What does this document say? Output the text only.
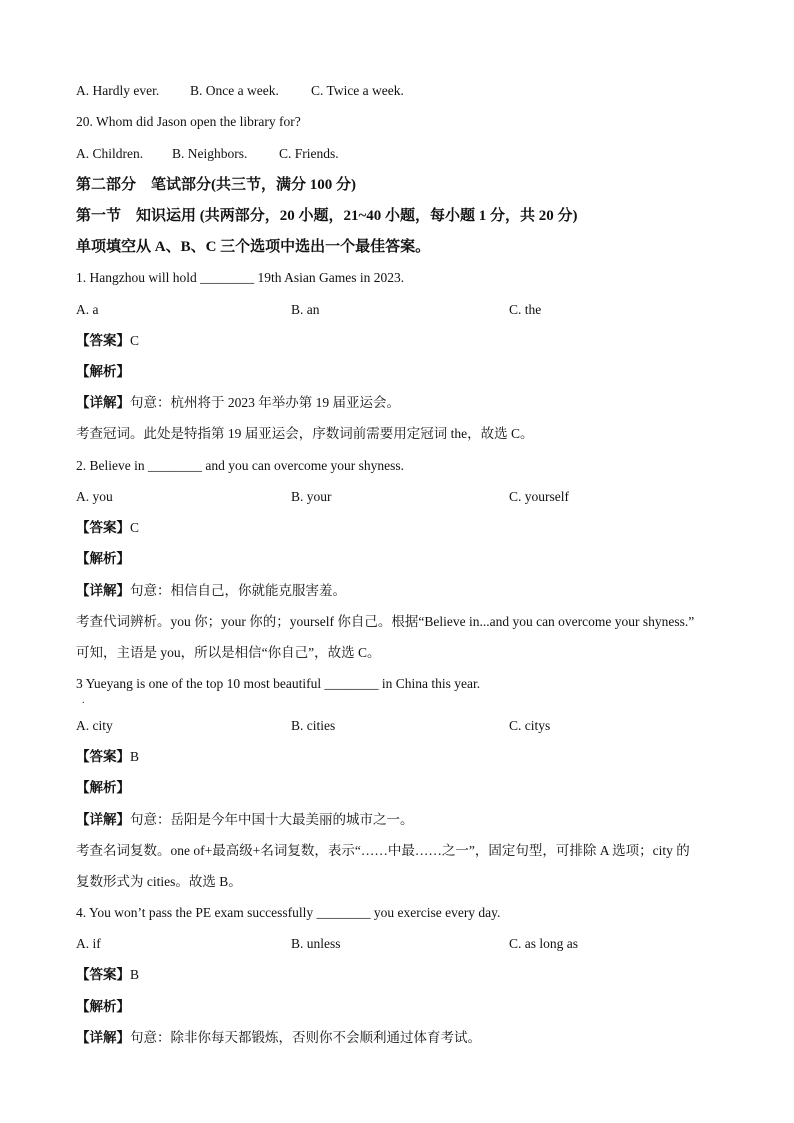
A. Hardly ever. B. Once a week. C. Twice a week.
20. Whom did Jason open the library for?
A. Children. B. Neighbors. C. Friends.
第二部分　笔试部分(共三节，满分 100 分)
第一节　知识运用 (共两部分，20 小题，21~40 小题，每小题 1 分，共 20 分)
单项填空从 A、B、C 三个选项中选出一个最佳答案。
1. Hangzhou will hold ________ 19th Asian Games in 2023.
A. a	B. an	C. the
【答案】C
【解析】
【详解】句意：杭州将于 2023 年举办第 19 届亚运会。
考查冠词。此处是特指第 19 届亚运会，序数词前需要用定冠词 the，故选 C。
2. Believe in ________ and you can overcome your shyness.
A. you	B. your	C. yourself
【答案】C
【解析】
【详解】句意：相信自己，你就能克服害羞。
考查代词辨析。you 你；your 你的；yourself 你自己。根据“Believe in...and you can overcome your shyness.”
可知，主语是 you，所以是相信“你自己”，故选 C。
3 Yueyang is one of the top 10 most beautiful ________ in China this year.
.
A. city	B. cities	C. citys
【答案】B
【解析】
【详解】句意：岳阳是今年中国十大最美丽的城市之一。
考查名词复数。one of+最高级+名词复数，表示“……中最……之一”，固定句型，可排除 A 选项；city 的
复数形式为 cities。故选 B。
4. You won’t pass the PE exam successfully ________ you exercise every day.
A. if	B. unless	C. as long as
【答案】B
【解析】
【详解】句意：除非你每天都锻炼，否则你不会顺利通过体育考试。
